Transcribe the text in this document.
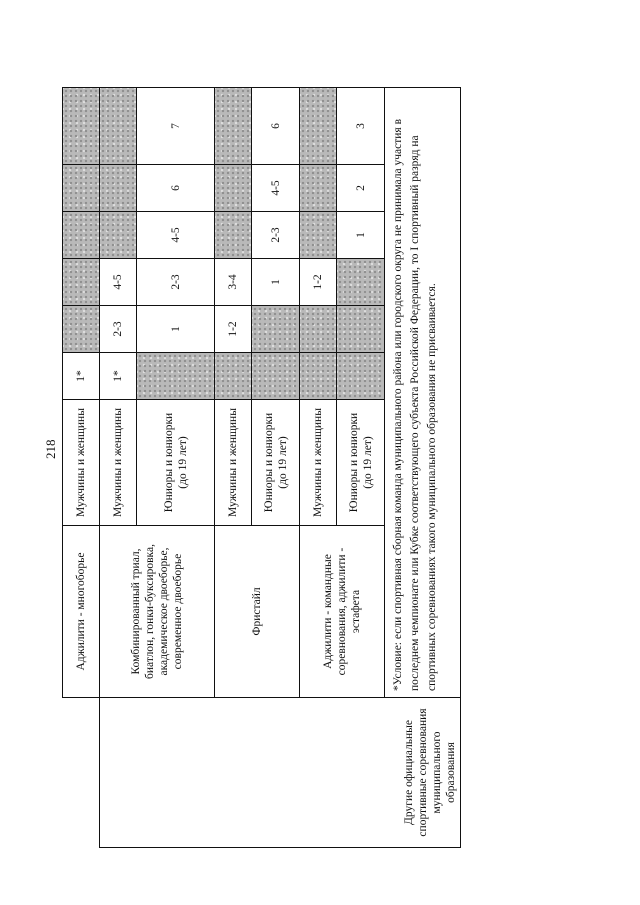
218
	Аджилити - многоборье	Мужчины и женщины	1*					
Другие официальные спортивные соревнования муниципального образования	Комбинированный триал, биатлон, гонки-буксировка, академическое двоеборье, современное двоеборье	Мужчины и женщины	1*	2-3	4-5			
		Юниоры и юниорки (до 19 лет)		1	2-3	4-5	6	7
	Фристайл	Мужчины и женщины		1-2	3-4			
		Юниоры и юниорки (до 19 лет)			1	2-3	4-5	6
	Аджилити - командные соревнования, аджилити - эстафета	Мужчины и женщины			1-2			
		Юниоры и юниорки (до 19 лет)				1	2	3
	*Условие: если спортивная сборная команда муниципального района или городского округа не принимала участия в последнем чемпионате или Кубке соответствующего субъекта Российской Федерации, то I спортивный разряд на спортивных соревнованиях такого муниципального образования не присваивается.							
